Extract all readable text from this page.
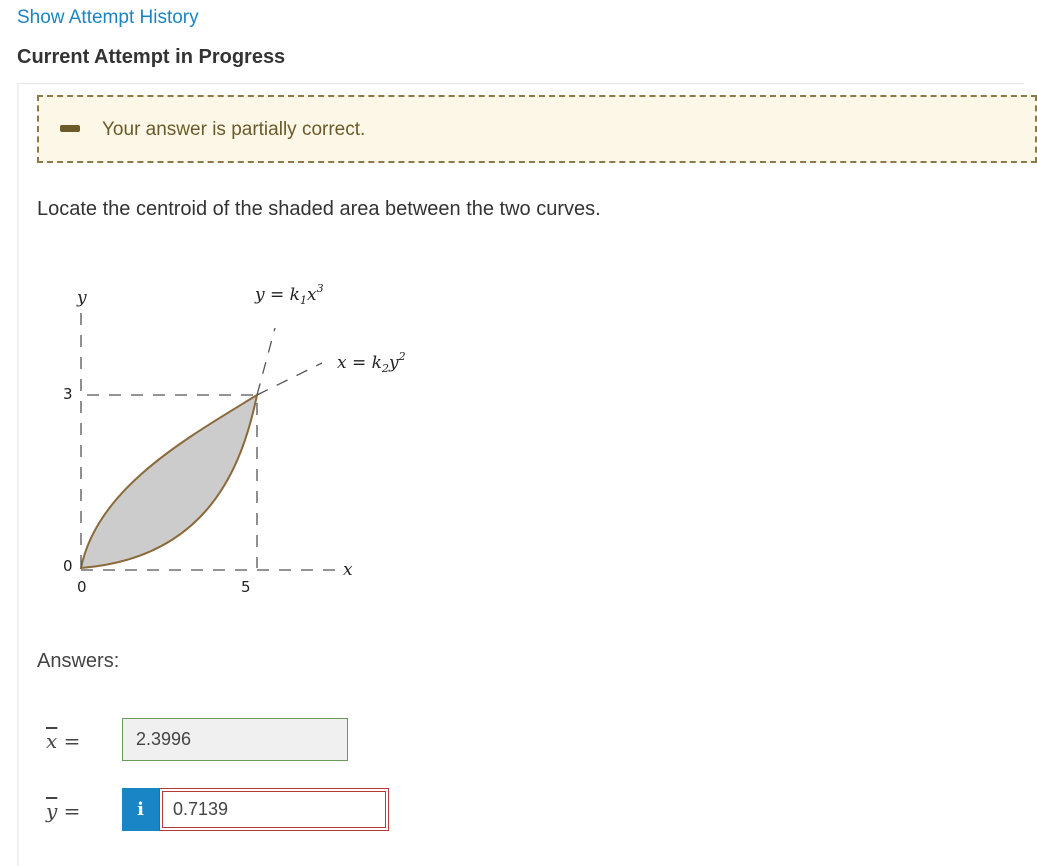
Show Attempt History
Current Attempt in Progress
Your answer is partially correct.
Locate the centroid of the shaded area between the two curves.
y
x
3
0
0	5
$y = k_1x^3$
$x = k_2y^2$
Answers:
$\overline{x}$ =	2.3996
$\overline{y}$ =	i	0.7139
